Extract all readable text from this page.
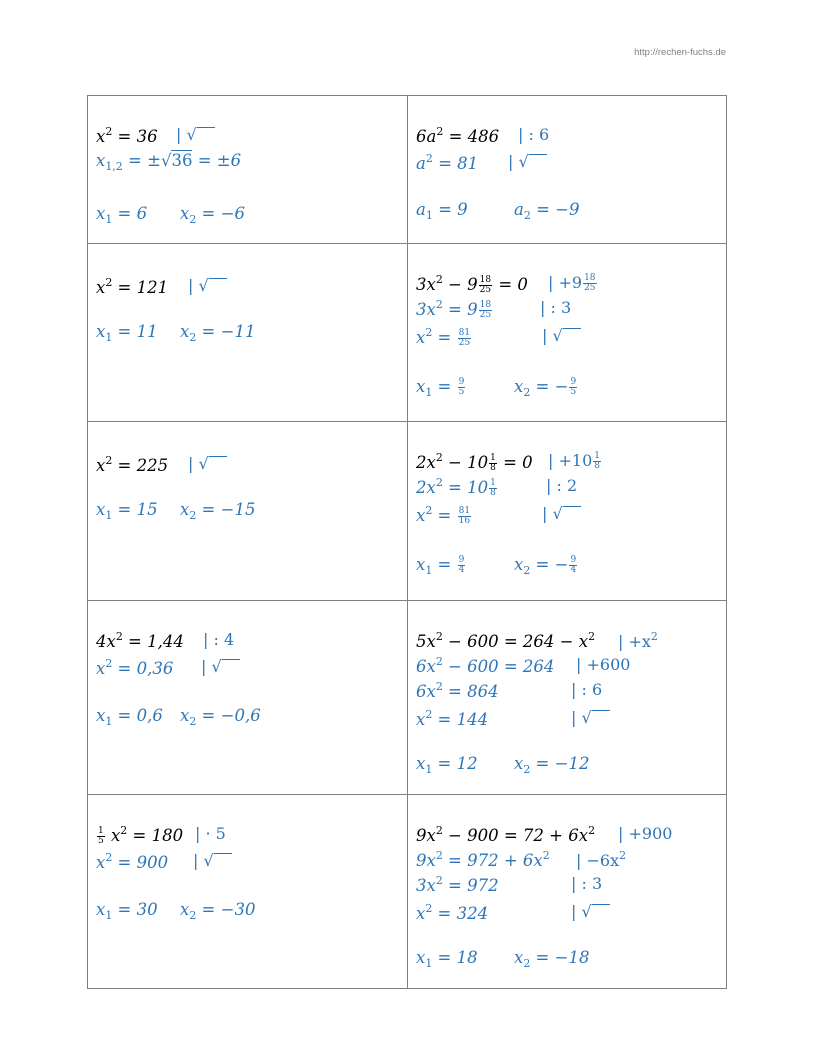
http://rechen-fuchs.de
$x^2 = 36$ | √
$x_{1,2} = \pm√36 = \pm 6$
$x_1 = 6$ $x_2 = -6$
$6a^2 = 486$ | : 6
$a^2 = 81$ | √
$a_1 = 9$	$a_2 = -9$
$x^2 = 121$ | √
$x_1 = 11$ $x_2 = -11$
$3x^2 - 9 \frac{18}{25} = 0$ | $+9 \frac{18}{25}$
$3x^2 = 9 \frac{18}{25}$	| : 3
$x^2 = \frac{81}{25}$	| √
$x_1 = \frac{9}{5}$	$x_2$ = − $\frac{9}{5}$
$x^2 = 225$ | √
$x_1 = 15$ $x_2 = -15$
$2x^2 - 10 \frac{1}{8} = 0$ | $+10 \frac{1}{8}$
$2x^2 = 10 \frac{1}{8}$	| : 2
$x^2 = \frac{81}{16}$	| √
$x_1 = \frac{9}{4}$	$x_2$ = − $\frac{9}{4}$
$4x^2 = 1,44$ | : 4
$x^2 = 0,36$ | √
$x_1 = 0,6$ $x_2 = -0,6$
$5x^2 - 600 = 264 - x^2$ | $+x^2$
$6x^2 - 600 = 264$ | +600
$6x^2 = 864$	| : 6
$x^2 = 144$	| √
$x_1 = 12$ $x_2 = -12$
$\frac{1}{5} x^2 = 180$ | · 5
$x^2 = 900$ | √
$x_1 = 30$ $x_2 = -30$
$9x^2 - 900 = 72 + 6x^2$ | +900
$9x^2 = 972 + 6x^2$ | $-6x^2$
$3x^2 = 972$	| : 3
$x^2 = 324$	| √
$x_1 = 18$ $x_2 = -18$
